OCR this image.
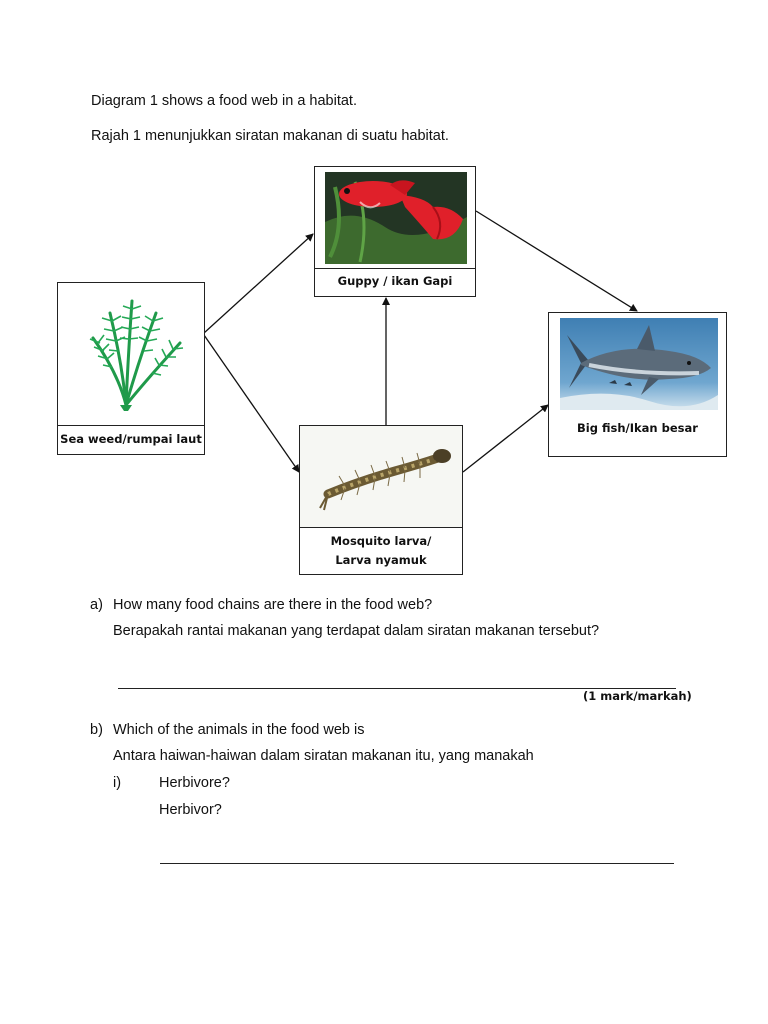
Diagram 1 shows a food web in a habitat.
Rajah 1 menunjukkan siratan makanan di suatu habitat.
Guppy / ikan Gapi
Sea weed/rumpai laut
Big fish/Ikan besar
Mosquito larva/
Larva nyamuk
a) How many food chains are there in the food web?
Berapakah rantai makanan yang terdapat dalam siratan makanan tersebut?
(1 mark/markah)
b) Which of the animals in the food web is
Antara haiwan-haiwan dalam siratan makanan itu, yang manakah
i)	Herbivore?
Herbivor?
